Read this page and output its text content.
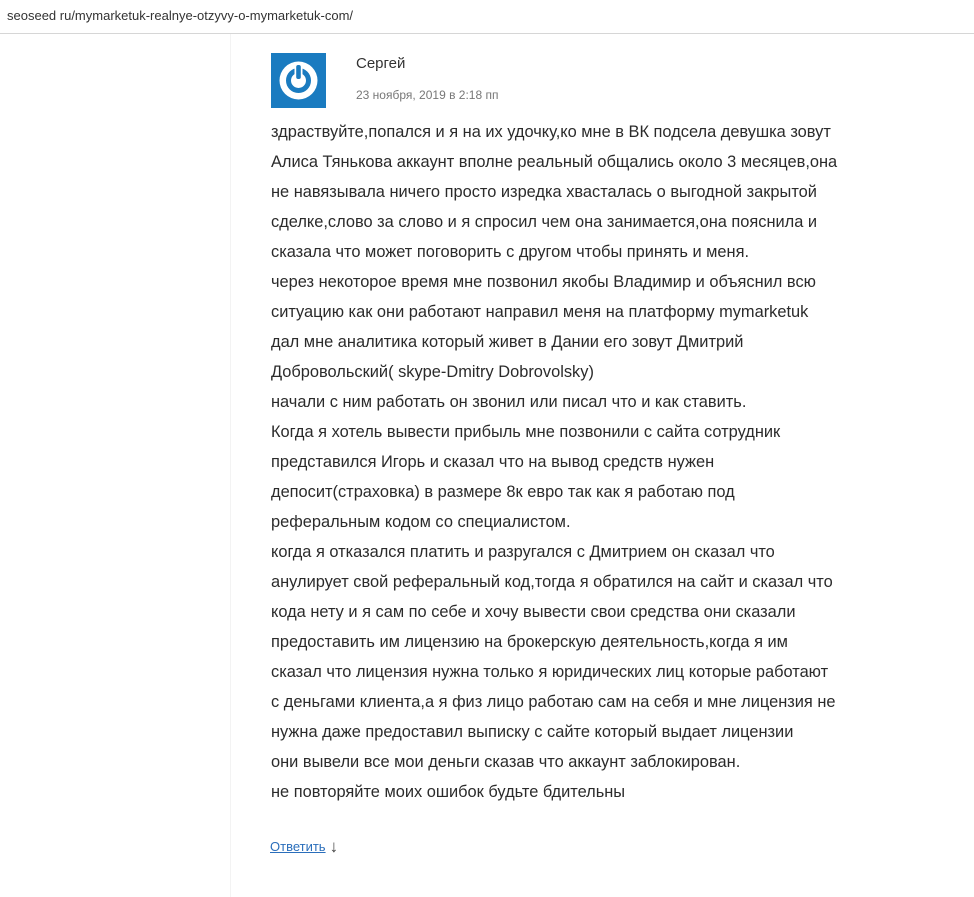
seoseed ru/mymarketuk-realnye-otzyvy-o-mymarketuk-com/
Сергей
23 ноября, 2019 в 2:18 пп
здраствуйте,попался и я на их удочку,ко мне в ВК подсела девушка зовут
Алиса Тянькова аккаунт вполне реальный общались около 3 месяцев,она
не навязывала ничего просто изредка хвасталась о выгодной закрытой
сделке,слово за слово и я спросил чем она занимается,она пояснила и
сказала что может поговорить с другом чтобы принять и меня.
через некоторое время мне позвонил якобы Владимир и объяснил всю
ситуацию как они работают направил меня на платформу mymarketuk
дал мне аналитика который живет в Дании его зовут Дмитрий
Добровольский( skype-Dmitry Dobrovolsky)
начали с ним работать он звонил или писал что и как ставить.
Когда я хотель вывести прибыль мне позвонили с сайта сотрудник
представился Игорь и сказал что на вывод средств нужен
депосит(страховка) в размере 8к евро так как я работаю под
реферальным кодом со специалистом.
когда я отказался платить и разругался с Дмитрием он сказал что
анулирует свой реферальный код,тогда я обратился на сайт и сказал что
кода нету и я сам по себе и хочу вывести свои средства они сказали
предоставить им лицензию на брокерскую деятельность,когда я им
сказал что лицензия нужна только я юридических лиц которые работают
с деньгами клиента,а я физ лицо работаю сам на себя и мне лицензия не
нужна даже предоставил выписку с сайте который выдает лицензии
они вывели все мои деньги сказав что аккаунт заблокирован.
не повторяйте моих ошибок будьте бдительны
Ответить ↓
